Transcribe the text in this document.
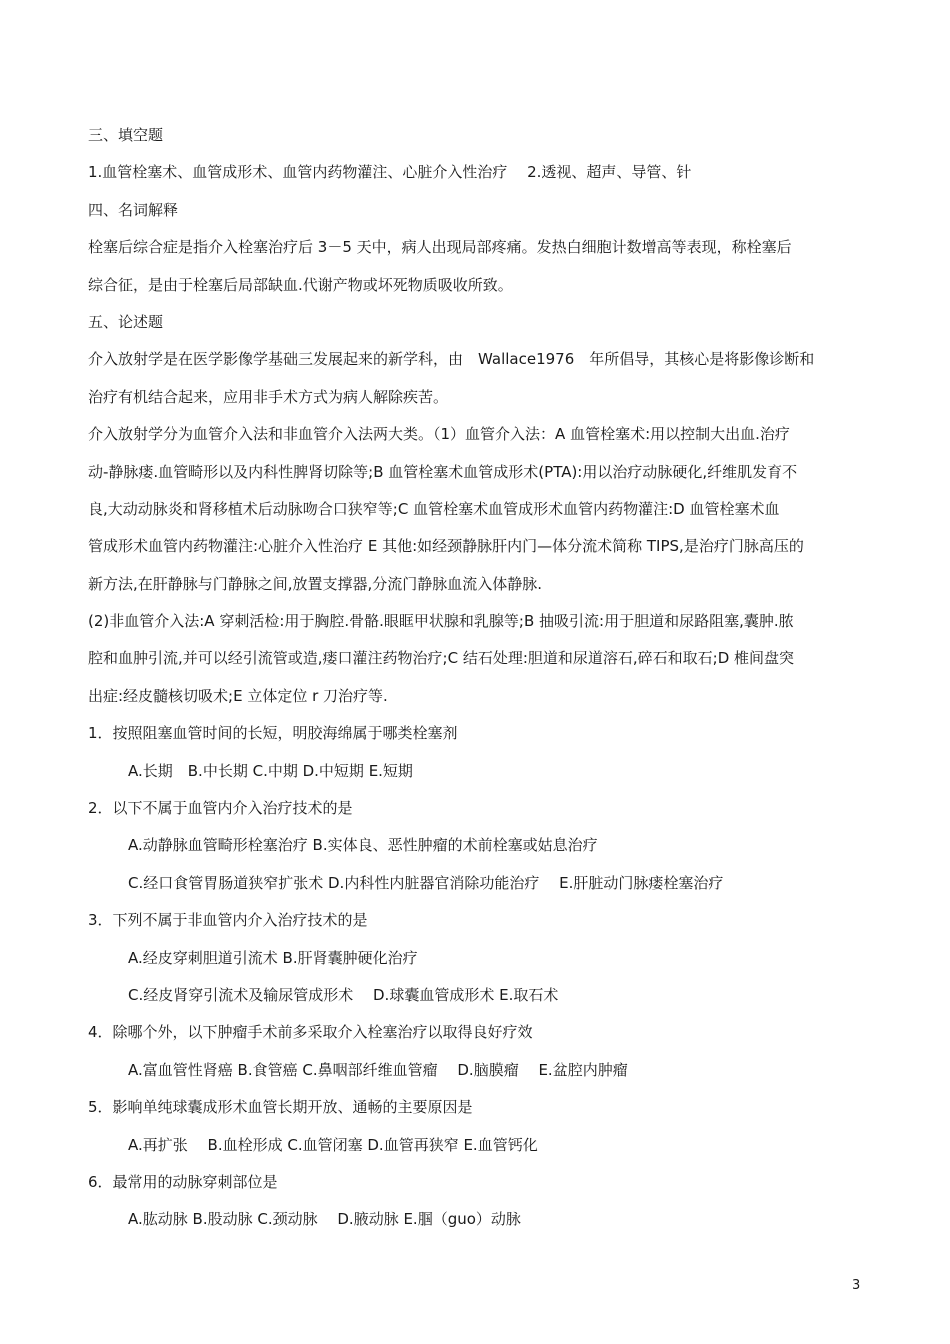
三、填空题
1.血管栓塞术、血管成形术、血管内药物灌注、心脏介入性治疗　 2.透视、超声、导管、针
四、名词解释
栓塞后综合症是指介入栓塞治疗后 3－5 天中，病人出现局部疼痛。发热白细胞计数增高等表现，称栓塞后
综合征，是由于栓塞后局部缺血.代谢产物或坏死物质吸收所致。
五、论述题
介入放射学是在医学影像学基础三发展起来的新学科，由　Wallace1976　年所倡导，其核心是将影像诊断和
治疗有机结合起来，应用非手术方式为病人解除疾苦。
介入放射学分为血管介入法和非血管介入法两大类。（1）血管介入法：A 血管栓塞术:用以控制大出血.治疗
动-静脉瘘.血管畸形以及内科性脾肾切除等;B 血管栓塞术血管成形术(PTA):用以治疗动脉硬化,纤维肌发育不
良,大动动脉炎和肾移植术后动脉吻合口狭窄等;C 血管栓塞术血管成形术血管内药物灌注:D 血管栓塞术血
管成形术血管内药物灌注:心脏介入性治疗 E 其他:如经颈静脉肝内门—体分流术简称 TIPS,是治疗门脉高压的
新方法,在肝静脉与门静脉之间,放置支撑器,分流门静脉血流入体静脉.
(2)非血管介入法:A 穿刺活检:用于胸腔.骨骼.眼眶甲状腺和乳腺等;B 抽吸引流:用于胆道和尿路阻塞,囊肿.脓
腔和血肿引流,并可以经引流管或造,瘘口灌注药物治疗;C 结石处理:胆道和尿道溶石,碎石和取石;D 椎间盘突
出症:经皮髓核切吸术;E 立体定位 r 刀治疗等.
1．按照阻塞血管时间的长短，明胶海绵属于哪类栓塞剂
A.长期　B.中长期 C.中期 D.中短期 E.短期
2．以下不属于血管内介入治疗技术的是
A.动静脉血管畸形栓塞治疗 B.实体良、恶性肿瘤的术前栓塞或姑息治疗
C.经口食管胃肠道狭窄扩张术 D.内科性内脏器官消除功能治疗　 E.肝脏动门脉瘘栓塞治疗
3．下列不属于非血管内介入治疗技术的是
A.经皮穿刺胆道引流术 B.肝肾囊肿硬化治疗
C.经皮肾穿引流术及输尿管成形术　 D.球囊血管成形术 E.取石术
4．除哪个外，以下肿瘤手术前多采取介入栓塞治疗以取得良好疗效
A.富血管性肾癌 B.食管癌 C.鼻咽部纤维血管瘤　 D.脑膜瘤　 E.盆腔内肿瘤
5．影响单纯球囊成形术血管长期开放、通畅的主要原因是
A.再扩张　 B.血栓形成 C.血管闭塞 D.血管再狭窄 E.血管钙化
6．最常用的动脉穿刺部位是
A.肱动脉 B.股动脉 C.颈动脉　 D.腋动脉 E.腘（guo）动脉
3
